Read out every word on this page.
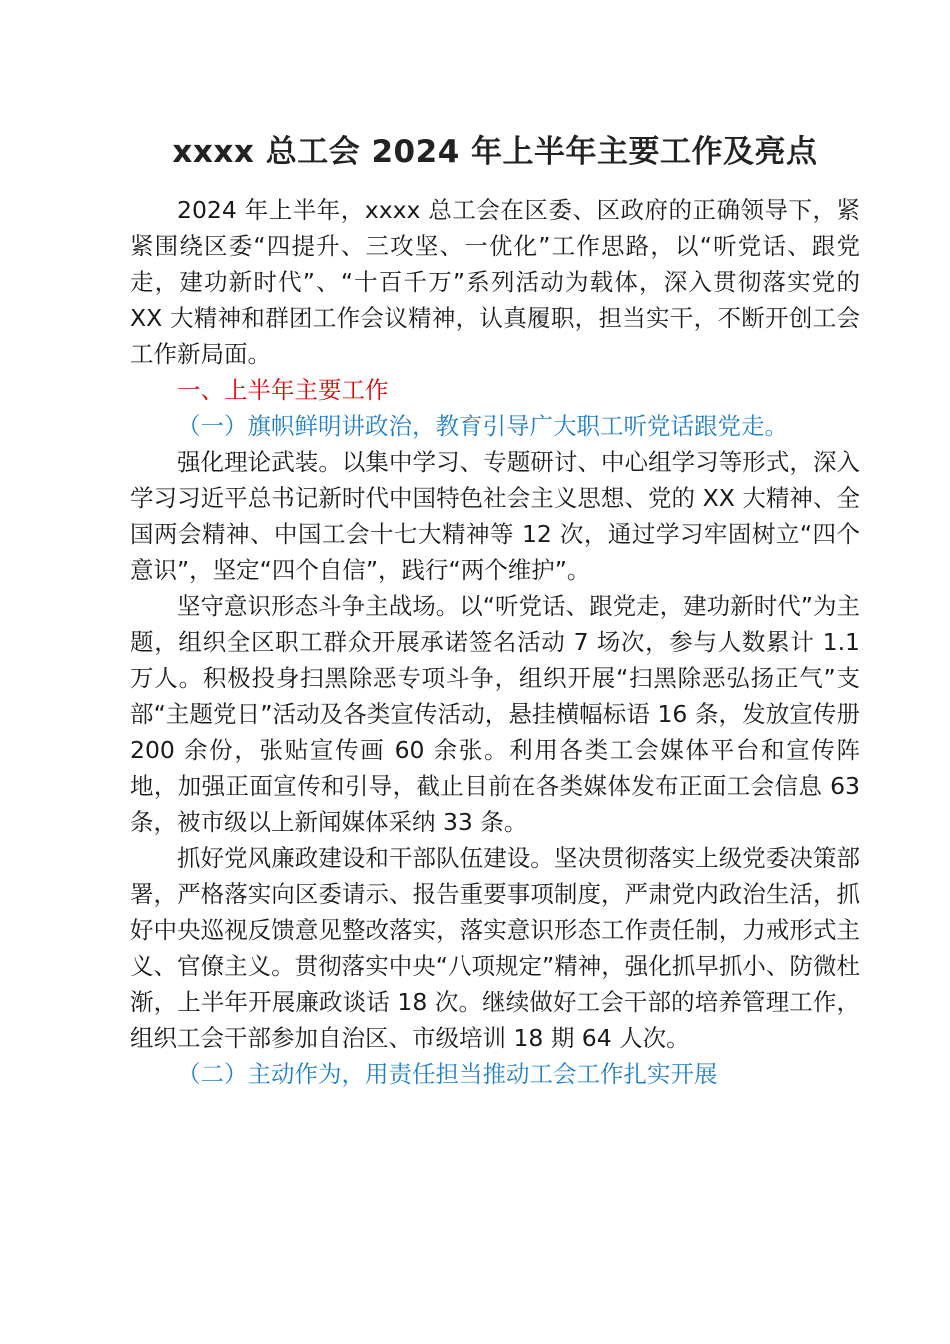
xxxx 总工会 2024 年上半年主要工作及亮点

2024 年上半年，xxxx 总工会在区委、区政府的正确领导下，紧紧围绕区委“四提升、三攻坚、一优化”工作思路，以“听党话、跟党走，建功新时代”、“十百千万”系列活动为载体，深入贯彻落实党的 XX 大精神和群团工作会议精神，认真履职，担当实干，不断开创工会工作新局面。

一、上半年主要工作

（一）旗帜鲜明讲政治，教育引导广大职工听党话跟党走。

强化理论武装。以集中学习、专题研讨、中心组学习等形式，深入学习习近平总书记新时代中国特色社会主义思想、党的 XX 大精神、全国两会精神、中国工会十七大精神等 12 次，通过学习牢固树立“四个意识”，坚定“四个自信”，践行“两个维护”。

坚守意识形态斗争主战场。以“听党话、跟党走，建功新时代”为主题，组织全区职工群众开展承诺签名活动 7 场次，参与人数累计 1.1 万人。积极投身扫黑除恶专项斗争，组织开展“扫黑除恶弘扬正气”支部“主题党日”活动及各类宣传活动，悬挂横幅标语 16 条，发放宣传册 200 余份，张贴宣传画 60 余张。利用各类工会媒体平台和宣传阵地，加强正面宣传和引导，截止目前在各类媒体发布正面工会信息 63 条，被市级以上新闻媒体采纳 33 条。

抓好党风廉政建设和干部队伍建设。坚决贯彻落实上级党委决策部署，严格落实向区委请示、报告重要事项制度，严肃党内政治生活，抓好中央巡视反馈意见整改落实，落实意识形态工作责任制，力戒形式主义、官僚主义。贯彻落实中央“八项规定”精神，强化抓早抓小、防微杜渐，上半年开展廉政谈话 18 次。继续做好工会干部的培养管理工作，组织工会干部参加自治区、市级培训 18 期 64 人次。

（二）主动作为，用责任担当推动工会工作扎实开展
